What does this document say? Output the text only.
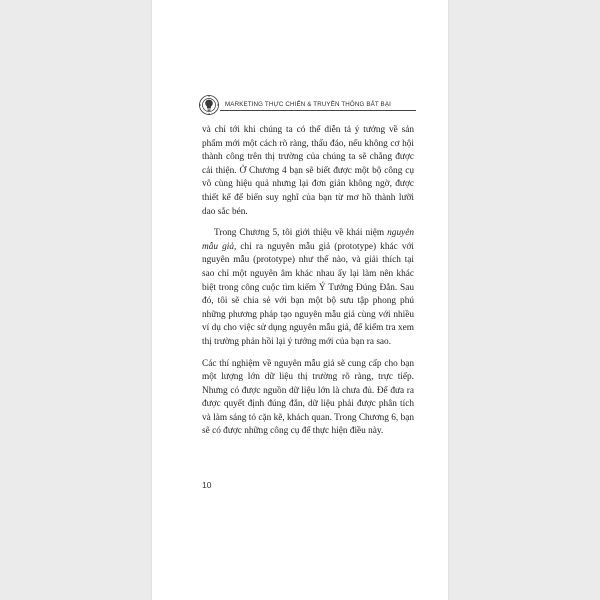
MARKETING THỰC CHIẾN & TRUYỀN THÔNG BẤT BẠI

và chỉ tới khi chúng ta có thể diễn tả ý tưởng về sản phẩm mới một cách rõ ràng, thấu đáo, nếu không cơ hội thành công trên thị trường của chúng ta sẽ chẳng được cải thiện. Ở Chương 4 bạn sẽ biết được một bộ công cụ vô cùng hiệu quả nhưng lại đơn giản không ngờ, được thiết kế để biến suy nghĩ của bạn từ mơ hồ thành lưỡi dao sắc bén.

Trong Chương 5, tôi giới thiệu về khái niệm nguyên mẫu giả, chỉ ra nguyên mẫu giả (prototype) khác với nguyên mẫu (prototype) như thế nào, và giải thích tại sao chỉ một nguyên âm khác nhau ấy lại làm nên khác biệt trong công cuộc tìm kiếm Ý Tưởng Đúng Đắn. Sau đó, tôi sẽ chia sẻ với bạn một bộ sưu tập phong phú những phương pháp tạo nguyên mẫu giả cùng với nhiều ví dụ cho việc sử dụng nguyên mẫu giả, để kiểm tra xem thị trường phản hồi lại ý tưởng mới của bạn ra sao.

Các thí nghiệm về nguyên mẫu giả sẽ cung cấp cho bạn một lượng lớn dữ liệu thị trường rõ ràng, trực tiếp. Nhưng có được nguồn dữ liệu lớn là chưa đủ. Để đưa ra được quyết định đúng đắn, dữ liệu phải được phân tích và làm sáng tỏ cặn kẽ, khách quan. Trong Chương 6, bạn sẽ có được những công cụ để thực hiện điều này.

10
